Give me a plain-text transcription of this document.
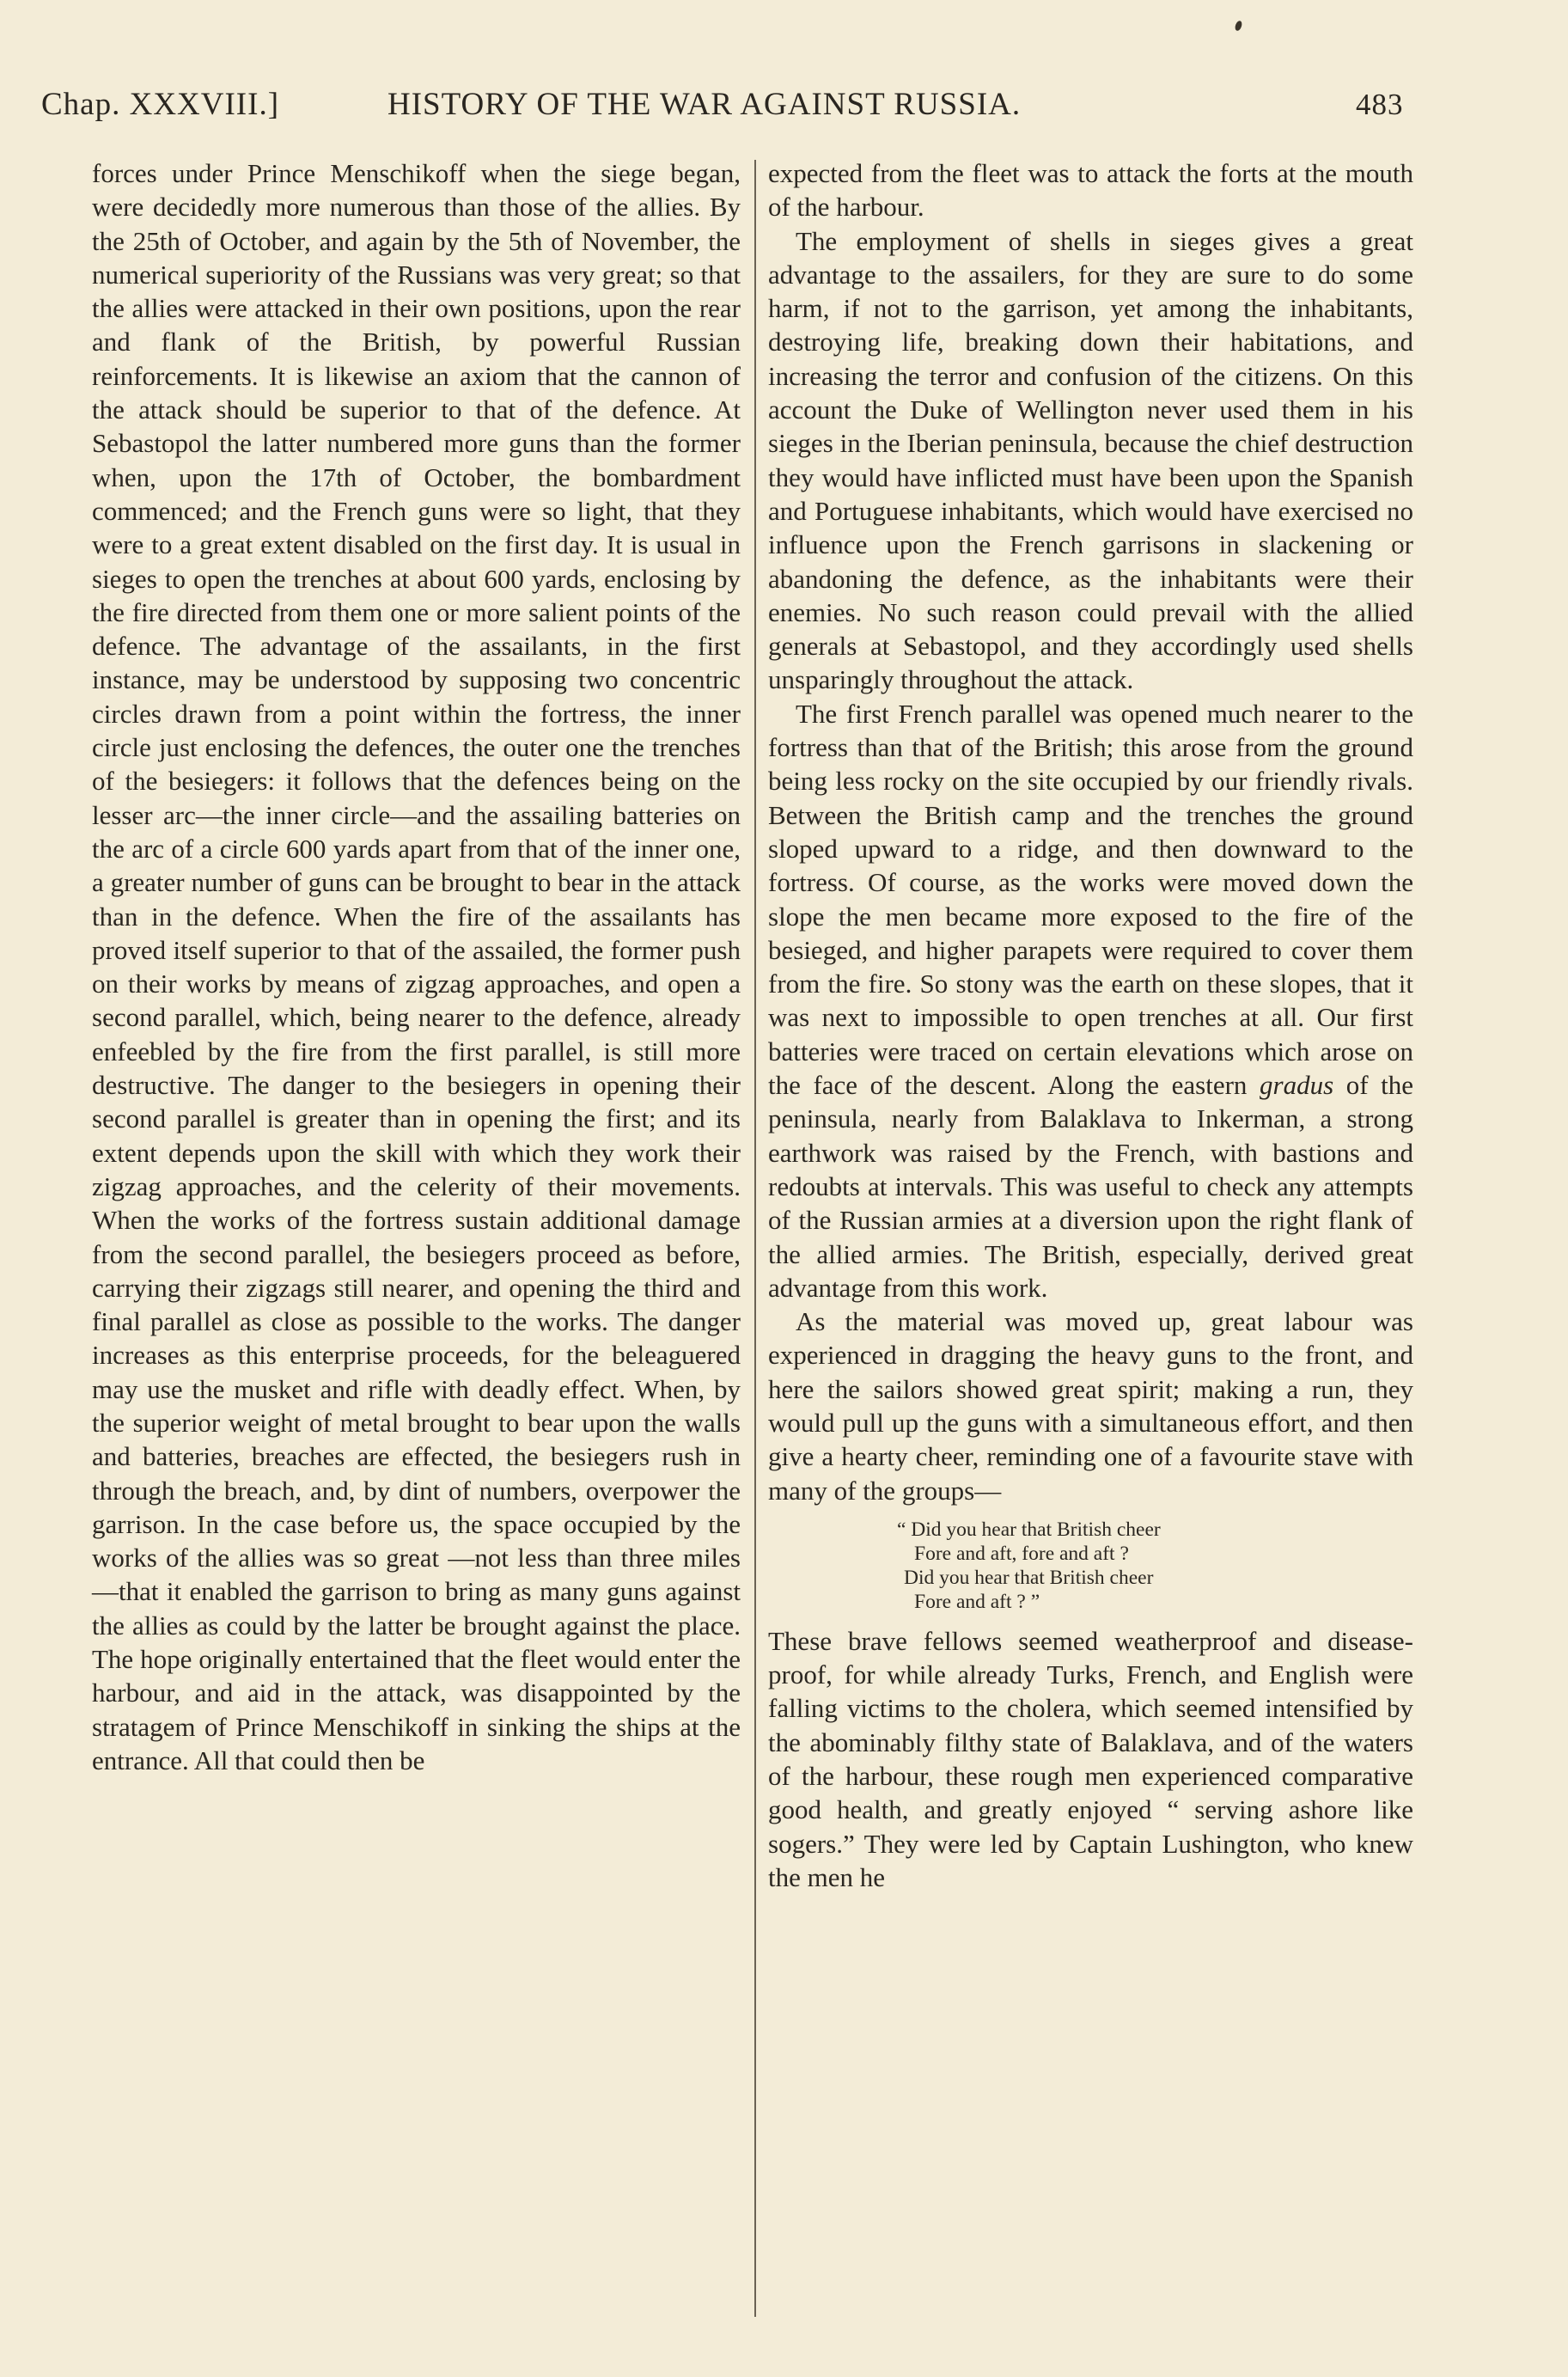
Chap. XXXVIII.]	HISTORY OF THE WAR AGAINST RUSSIA.	483

forces under Prince Menschikoff when the siege began, were decidedly more numerous than those of the allies. By the 25th of October, and again by the 5th of November, the numerical superiority of the Russians was very great; so that the allies were attacked in their own positions, upon the rear and flank of the British, by powerful Russian reinforcements. It is likewise an axiom that the cannon of the attack should be superior to that of the defence. At Sebastopol the latter numbered more guns than the former when, upon the 17th of October, the bombardment commenced; and the French guns were so light, that they were to a great extent disabled on the first day. It is usual in sieges to open the trenches at about 600 yards, enclosing by the fire directed from them one or more salient points of the defence. The advantage of the assailants, in the first instance, may be understood by supposing two concentric circles drawn from a point within the fortress, the inner circle just enclosing the defences, the outer one the trenches of the besiegers: it follows that the defences being on the lesser arc—the inner circle—and the assailing batteries on the arc of a circle 600 yards apart from that of the inner one, a greater number of guns can be brought to bear in the attack than in the defence. When the fire of the assailants has proved itself superior to that of the assailed, the former push on their works by means of zigzag approaches, and open a second parallel, which, being nearer to the defence, already enfeebled by the fire from the first parallel, is still more destructive. The danger to the besiegers in opening their second parallel is greater than in opening the first; and its extent depends upon the skill with which they work their zigzag approaches, and the celerity of their movements. When the works of the fortress sustain additional damage from the second parallel, the besiegers proceed as before, carrying their zigzags still nearer, and opening the third and final parallel as close as possible to the works. The danger increases as this enterprise proceeds, for the beleaguered may use the musket and rifle with deadly effect. When, by the superior weight of metal brought to bear upon the walls and batteries, breaches are effected, the besiegers rush in through the breach, and, by dint of numbers, overpower the garrison. In the case before us, the space occupied by the works of the allies was so great —not less than three miles—that it enabled the garrison to bring as many guns against the allies as could by the latter be brought against the place. The hope originally entertained that the fleet would enter the harbour, and aid in the attack, was disappointed by the stratagem of Prince Menschikoff in sinking the ships at the entrance. All that could then be

expected from the fleet was to attack the forts at the mouth of the harbour.

The employment of shells in sieges gives a great advantage to the assailers, for they are sure to do some harm, if not to the garrison, yet among the inhabitants, destroying life, breaking down their habitations, and increasing the terror and confusion of the citizens. On this account the Duke of Wellington never used them in his sieges in the Iberian peninsula, because the chief destruction they would have inflicted must have been upon the Spanish and Portuguese inhabitants, which would have exercised no influence upon the French garrisons in slackening or abandoning the defence, as the inhabitants were their enemies. No such reason could prevail with the allied generals at Sebastopol, and they accordingly used shells unsparingly throughout the attack.

The first French parallel was opened much nearer to the fortress than that of the British; this arose from the ground being less rocky on the site occupied by our friendly rivals. Between the British camp and the trenches the ground sloped upward to a ridge, and then downward to the fortress. Of course, as the works were moved down the slope the men became more exposed to the fire of the besieged, and higher parapets were required to cover them from the fire. So stony was the earth on these slopes, that it was next to impossible to open trenches at all. Our first batteries were traced on certain elevations which arose on the face of the descent. Along the eastern gradus of the peninsula, nearly from Balaklava to Inkerman, a strong earthwork was raised by the French, with bastions and redoubts at intervals. This was useful to check any attempts of the Russian armies at a diversion upon the right flank of the allied armies. The British, especially, derived great advantage from this work.

As the material was moved up, great labour was experienced in dragging the heavy guns to the front, and here the sailors showed great spirit; making a run, they would pull up the guns with a simultaneous effort, and then give a hearty cheer, reminding one of a favourite stave with many of the groups—

“ Did you hear that British cheer
Fore and aft, fore and aft ?
Did you hear that British cheer
Fore and aft ? ”

These brave fellows seemed weatherproof and disease-proof, for while already Turks, French, and English were falling victims to the cholera, which seemed intensified by the abominably filthy state of Balaklava, and of the waters of the harbour, these rough men experienced comparative good health, and greatly enjoyed “ serving ashore like sogers.” They were led by Captain Lushington, who knew the men he
